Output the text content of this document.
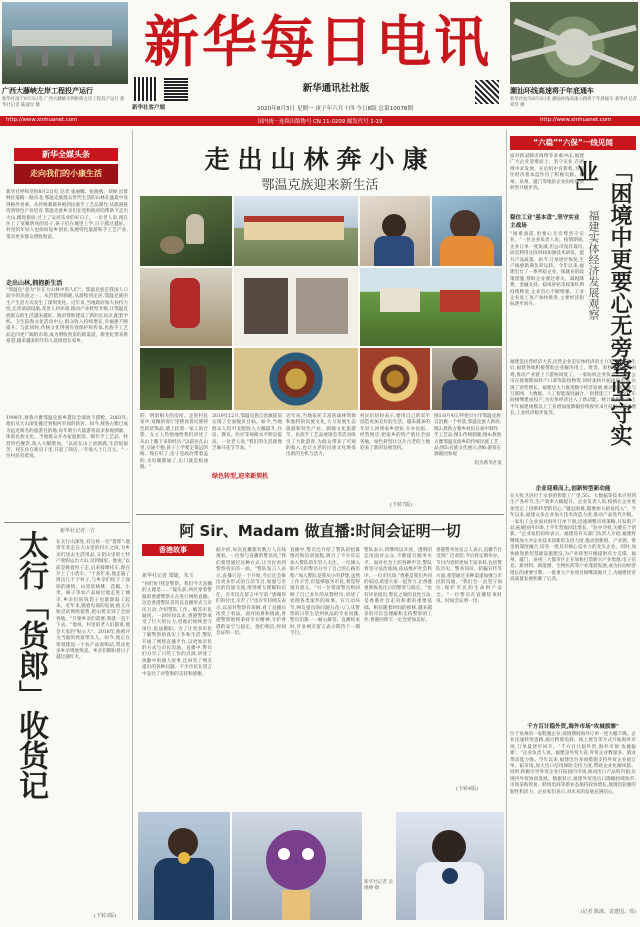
广西大藤峡左岸工程投产运行
新华社南宁8月3日电 广西大藤峡水利枢纽左岸工程投产运行 新华社记者 陆波岸 摄
新华每日电讯
新华社客户端
新华通讯社社版
2020年8月3日 星期一 庚子年六月十四 今日8版 总第10078期
潮汕环线高速将于年底通车
新华社汕头8月3日电 潮汕环线高速公路将于年底通车 新华社记者 邓华 摄
http://www.xinhuanet.com	国内统一连续出版物号 CN 11-0209 邮发代号 1-19	http://www.xinhuanet.com
新华全媒头条
走向我们的小康生活
新华社呼和浩特8月2日电 记者 张丽娜、张晓燕、刘俊 沿着林区道路一路向北,鄂温克族群众世代生活的山林在盛夏中显得格外青翠。从传统驯鹿养殖到民族手工艺品制作,从旅游接待到特色产业培育,鄂温克族乡亲们在党和政府的帮助下走出大山,搬进新居,过上了安居乐业的好日子。一位老人说,现在住上了宽敞明亮的房子,孩子们在城里上学,日子越过越好。村里的年轻人也纷纷返乡创业,发展特色旅游和手工艺产业,带动更多群众增收致富。
走出山林,拥抱新生活
"鄂温克"意为"住在大山林中的人们"。鄂温克族是我国人口较少的民族之一。从狩猎到驯鹿,从游牧到定居,鄂温克族的生产生活方式发生了深刻变化。近年来,当地政府加大扶持力度,完善基础设施,改善人居环境,推动产业转型升级,让鄂温克族群众的生活越来越好。政府帮助建设了新的定居点,配套学校、卫生院和文化活动中心,群众收入持续增长,幸福感不断提升。与此同时,传统文化得到有效保护和传承,民族手工艺品走向更广阔的市场,成为增收致富的新渠道。新变化带来新希望,越来越多的年轻人选择留在家乡。
1998年,敖鲁古雅鄂温克族乡猎民全部放下猎枪。2003年,他们从大山深处搬迁到根河市郊的新居。如今,敖鲁古雅已成为远近闻名的旅游目的地,每年吸引大量游客前来参观驯鹿、体验民族文化。当地群众开办家庭旅馆、制作手工艺品、经营特色餐饮,收入大幅增加。"以前在山上放驯鹿,生活很艰苦。现在住在新房子里,开起了商店,一年收入十几万元。"一位村民笑着说。
新华社记者一方
太行「货郎」收货记	在太行山深处,有这样一位"货郎":他常年奔走在大山里的村庄之间,为乡亲们送去生活用品,又把山里的土特产收购运出大山,卖到城里。他说,"以前是挑着担子走,后来骑摩托车,现在开上了小货车。"十多年来,他走遍了周边几十个村子,与乡亲们结下了深厚的感情。山里的核桃、花椒、小米、柿子等农产品通过他走进了城市,乡亲们的钱袋子也渐渐鼓了起来。近年来,随着电商的发展,他又开始尝试网络销售,把山货卖到了全国各地。"只要乡亲们需要,我就一直干下去。"他说。村里的老人们都说,他是大家的"贴心人"。2016年,他被评为当地的致富带头人。如今,他正在筹划建设一个农产品收购站,带动更多乡亲增收致富。乡亲们期盼着日子越过越红火。
(下转3版)
走出山林奔小康
鄂温克族迎来新生活
的、明暗相关的房屋。走进村民家中,宽敞的客厅里摆放着民族特色的装饰品,墙上挂着一家人的合影。女主人热情地给我们讲述了从山上搬下来的经历:"以前住在山里,交通不便,孩子上学要走很远的路。现在好了,房子是政府帮着盖的,水电暖都通了,出门就是柏油路。"
2019年12月,鄂温克族自治旗提前实现了全面脱贫目标。如今,当地群众人均可支配收入大幅提升,住房、教育、医疗等保障水平明显提高。一位老人说,"我们的生活就像芝麻开花节节高。"
绿色转型,迎来新契机
近年来,当地依托丰富的森林资源和独特的民族文化,大力发展生态旅游和特色产业。驯鹿文化旅游节、民族手工艺品展销会等活动吸引了大批游客,为群众带来了可观的收入,也让古老的民族文化焕发出新的生机与活力。
村民们纷纷表示,要用自己的双手创造更加美好的生活。越来越多的年轻人回到家乡创业,开办民宿、经营网店,把家乡的特产销往全国各地。绿色转型让这片古老的土地迎来了新的发展契机。
(下转7版)
图1:8月4日,呼伦贝尔市鄂温克族自治旗一个村落,鄂温克族人新居;图2:敖鲁古雅乡村民在家中制作手工艺品;图3:传统驯鹿;图4:敖鲁古雅鄂温克族乡的传统民族工艺品;图5:民族文化展示;图6:游客在驯鹿园参观
均为新华社发
阿 Sir、Madam 做直播:时间会证明一切
香港故事
新华社记者 郜婕、朱玉
"你们好!我是警察。我们今天直播的主题是……"镜头前,两名穿着警服的香港警察正在进行网络直播。这是香港警队首次以直播形式与市民互动,介绍警队工作、解答市民疑问。一段时间以来,香港警察承受了巨大的压力,但他们始终坚守岗位,依法履职。为了让更多市民了解警察的真实工作和生活,警队开通了网络直播平台,以更加亲民的方式与市民沟通。直播中,警员们分享了日常工作的点滴,讲述了执勤中的感人故事,还回答了网友提出的各种问题。不少市民在留言中表达了对警察的支持和感谢。
据介绍,每次直播都有数万人在线观看。一位参与直播的警员说,"我们希望通过这种方式,让市民看到警察真实的一面。"警队发言人表示,直播只是一个开始,今后还会推出更多形式的互动节目,加强与市民的沟通交流,增进相互理解和信任。有市民在留言中写道:"感谢你们的付出,辛苦了!"也有年轻网友表示,以前对警察有误解,看了直播后改变了看法。面对困难和挑战,香港警察始终秉持专业精神,守护香港的安宁与稳定。他们相信,时间会证明一切。
直播中,警员还介绍了警队的招募情况和培训流程,吸引了不少有志加入警队的年轻人关注。一位刚入职不久的警员分享了自己的心路历程:"加入警队是我从小的梦想,虽然工作辛苦,但能够服务市民,我觉得很有意义。"另一位资深警员则回顾了自己多年的从警经历,讲述了处理各类案件的故事。在互动环节,网友提出的问题五花八门,从警察的日常生活到执法的专业问题,警员们都一一耐心解答。直播结束时,许多网友留言表示期待下一期节目。
警队表示,将继续以开放、透明的态度面对公众,不断提升服务水平。面对社会上的各种声音,警队将坚守法治底线,依法维护社会秩序。一位市民说:"香港是我们共同的家园,希望大家一起努力,让香港重新恢复往日的繁荣与稳定。"也有评论指出,警民之间的良性互动,是香港社会走向和谐的重要基础。相信随着时间的推移,越来越多的市民会理解和支持警察的工作,香港的明天一定会更加美好。
香港警务处发言人表示,直播节目受到广泛欢迎,今后将定期举办。节目内容将更加丰富多样,包括警队历史、警务知识、防骗宣传等方面,希望通过多种渠道加强与市民的沟通。"我们会一直坚守岗位,保护市民的生命财产安全。"一位警员在直播结束时说。时间会证明一切。
(下转4版)
新华社记者 吴晓峰 摄
“六稳”“六保”一线见闻
面对新冠肺炎疫情等多重冲击,福建广大企业迎难而上、坚守实业,在困境中求发展、在危机中育新机,为稳住经济基本盘作出了积极贡献。福州、泉州、厦门等地的企业纷纷加快转型升级步伐。
稳住工业"基本盘",坚守实业主战场
"困难面前,更要心无旁骛坚守实业。"一位企业负责人说。疫情期间,企业订单一度锐减,但公司没有裁员,而是利用这段时间加强技术研发、提升产品质量。如今,订单逐步恢复,生产线重新满负荷运转。今年以来,福建出台了一系列稳企业、保就业的政策措施,帮助企业渡过难关。减税降费、金融支持、稳岗补贴等政策红利持续释放,企业信心不断增强。工业企业复工复产加快推进,主要经济指标逐步回升。	「困境中更要心无旁骛坚守实业」
福建实体经济发展观察
福建是民营经济大省,民营企业是实体经济的主力军。疫情发生后,福建各地积极帮助企业解决用工、资金、原材料供应等困难,推动产业链上下游协同复工。一家纺织企业负责人介绍,公司在疫情期间转产口罩等防疫物资,同时加快开拓国内市场,实现了逆势增长。福建还大力推进数字经济发展,推动传统产业与互联网、大数据、人工智能深度融合,一批智能工厂、数字化车间相继建成投产,为实体经济注入了新动能。统计数据显示,上半年福建规模以上工业增加值降幅持续收窄,6月份已实现正增长,工业经济稳步复苏。
企业迎难而上,创新转型新动能
在九牧卫浴位于永春的智能工厂里,5G、大数据等技术应用到生产各环节,生产效率大幅提升。企业负责人说,疫情让企业更加坚定了创新转型的信心,"越是困难,越要加大研发投入"。今年以来,福建众多企业加大技术改造力度,推动产品迭代升级。一家电子企业面对海外订单下滑,迅速调整市场策略,开发新产品,拓展国内市场,上半年营收同比增长。"危中寻机,关键在于创新。"企业家们纷纷表示。福建省有关部门负责人介绍,福建将继续加大对企业技术创新的支持力度,推动创新链、产业链、资金链深度融合,培育一批具有核心竞争力的龙头企业。同时,加快推进新型基础设施建设,为产业转型升级提供有力支撑。福州、厦门、泉州三大都市区正在加快打造新兴产业集群,电子信息、新材料、新能源、生物医药等产业蓬勃发展,成为拉动经济增长的重要引擎。一批重大产业项目相继落地开工,为福建经济高质量发展积蓄了后劲。
千方百计稳外贸,海外市场"攻城拔寨"
位于泉州的一家鞋服企业,疫情期间海外订单一度大幅下降。企业迅速转变思路,通过跨境电商、线上展会等方式开拓海外市场,订单量逐步回升。"千方百计稳外贸,海外市场'攻城拔寨'。"企业负责人说。福建是外贸大省,外贸企业数量多、就业带动能力强。今年以来,福建出台多项措施支持外贸企业稳订单、拓市场,加大出口信用保险支持力度,帮助企业化解风险。同时,积极引导外贸企业开拓国内市场,推动出口产品转内销,实现内外贸协同发展。数据显示,福建外贸进出口降幅持续收窄,市场采购贸易、跨境电商等新业态保持较快增长,展现出较强的韧性和活力。企业家们表示,对未来的发展充满信心。
(记者 陈淑、袁建国、邓)
